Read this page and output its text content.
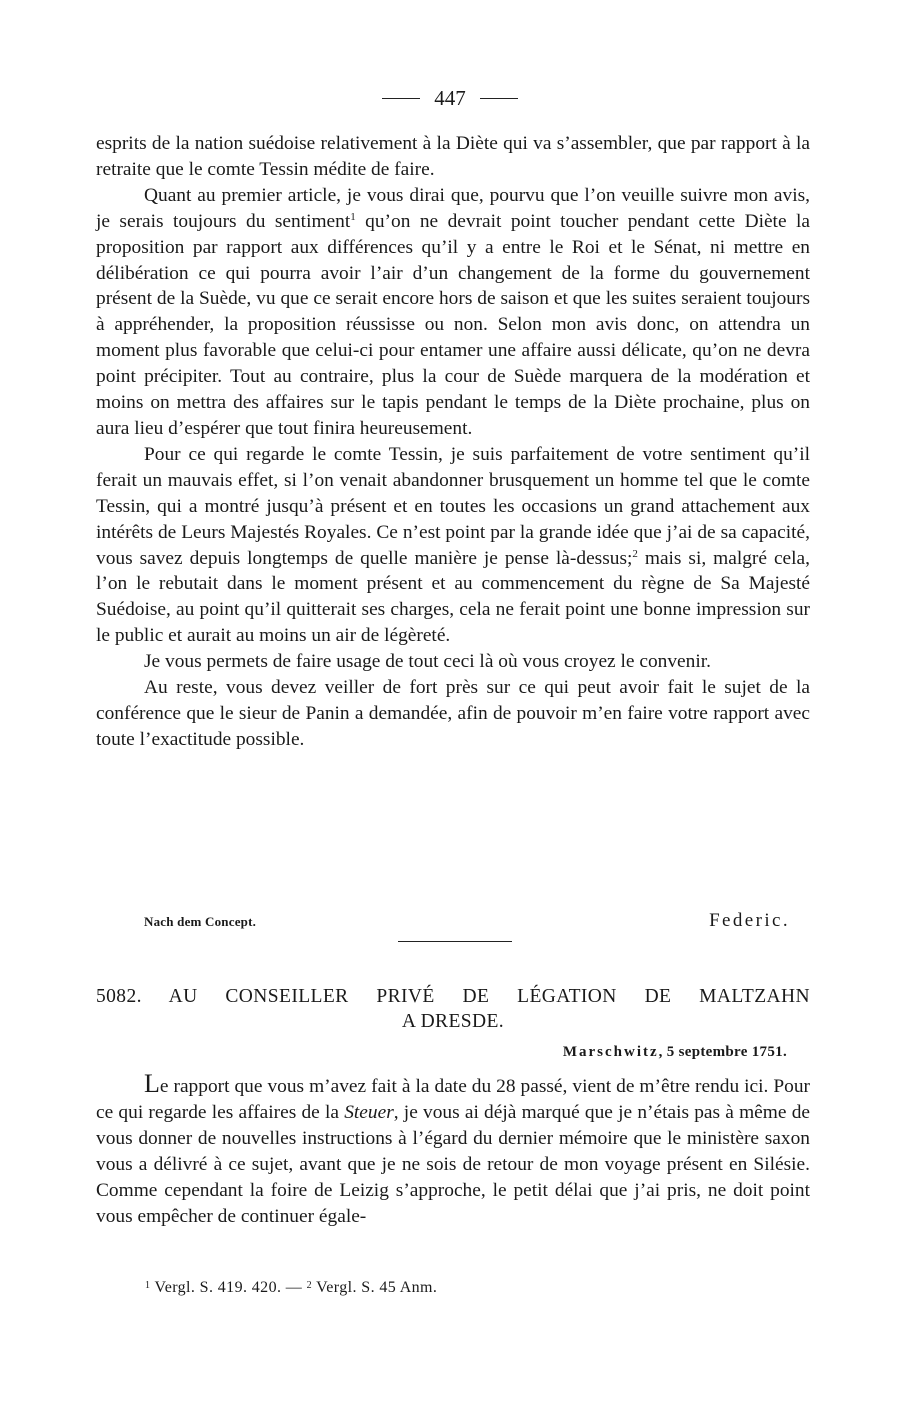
447

esprits de la nation suédoise relativement à la Diète qui va s’assembler, que par rapport à la retraite que le comte Tessin médite de faire.

Quant au premier article, je vous dirai que, pourvu que l’on veuille suivre mon avis, je serais toujours du sentiment$^1$ qu’on ne devrait point toucher pendant cette Diète la proposition par rapport aux différences qu’il y a entre le Roi et le Sénat, ni mettre en délibération ce qui pourra avoir l’air d’un changement de la forme du gouvernement présent de la Suède, vu que ce serait encore hors de saison et que les suites seraient toujours à appréhender, la proposition réussisse ou non. Selon mon avis donc, on attendra un moment plus favorable que celui-ci pour entamer une affaire aussi délicate, qu’on ne devra point précipiter. Tout au contraire, plus la cour de Suède marquera de la modération et moins on mettra des affaires sur le tapis pendant le temps de la Diète prochaine, plus on aura lieu d’espérer que tout finira heureusement.

Pour ce qui regarde le comte Tessin, je suis parfaitement de votre sentiment qu’il ferait un mauvais effet, si l’on venait abandonner brusquement un homme tel que le comte Tessin, qui a montré jusqu’à présent et en toutes les occasions un grand attachement aux intérêts de Leurs Majestés Royales. Ce n’est point par la grande idée que j’ai de sa capacité, vous savez depuis longtemps de quelle manière je pense là-dessus;$^2$ mais si, malgré cela, l’on le rebutait dans le moment présent et au commencement du règne de Sa Majesté Suédoise, au point qu’il quitterait ses charges, cela ne ferait point une bonne impression sur le public et aurait au moins un air de légèreté.

Je vous permets de faire usage de tout ceci là où vous croyez le convenir.

Au reste, vous devez veiller de fort près sur ce qui peut avoir fait le sujet de la conférence que le sieur de Panin a demandée, afin de pouvoir m’en faire votre rapport avec toute l’exactitude possible.

Nach dem Concept.	Federic.
5082. AU CONSEILLER PRIVÉ DE LÉGATION DE MALTZAHN
A DRESDE.
Marschwitz, 5 septembre 1751.

Le rapport que vous m’avez fait à la date du 28 passé, vient de m’être rendu ici. Pour ce qui regarde les affaires de la Steuer, je vous ai déjà marqué que je n’étais pas à même de vous donner de nouvelles instructions à l’égard du dernier mémoire que le ministère saxon vous a délivré à ce sujet, avant que je ne sois de retour de mon voyage présent en Silésie. Comme cependant la foire de Leizig s’approche, le petit délai que j’ai pris, ne doit point vous empêcher de continuer égale-

$^1$ Vergl. S. 419. 420. — $^2$ Vergl. S. 45 Anm.
